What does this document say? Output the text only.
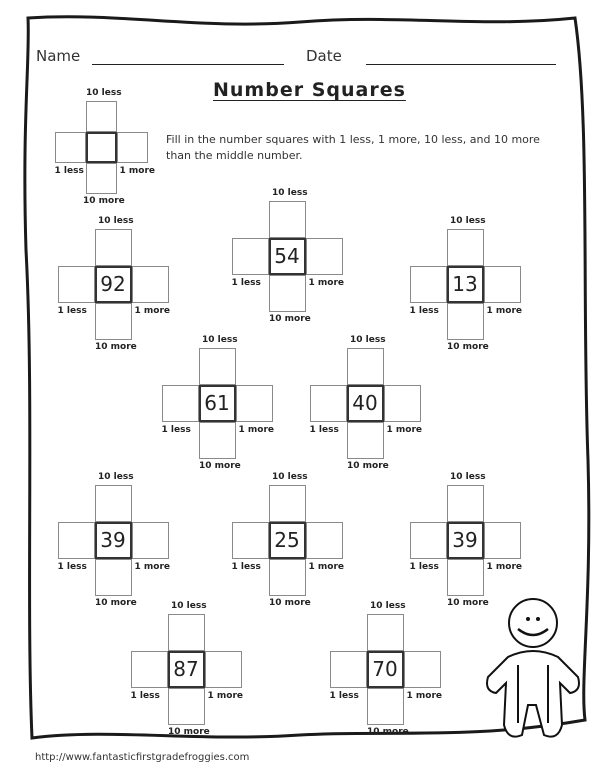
Name	Date
Number Squares
Fill in the number squares with 1 less, 1 more, 10 less, and 10 more than the middle number.
10 less
1 less	1 more
10 more
92
10 less
1 less	1 more
10 more
54
10 less
1 less	1 more
10 more
13
10 less
1 less	1 more
10 more
61
10 less
1 less	1 more
10 more
40
10 less
1 less	1 more
10 more
39
10 less
1 less	1 more
10 more
25
10 less
1 less	1 more
10 more
39
10 less
1 less	1 more
10 more
87
10 less
1 less	1 more
10 more
70
10 less
1 less	1 more
10 more
http://www.fantasticfirstgradefroggies.com
